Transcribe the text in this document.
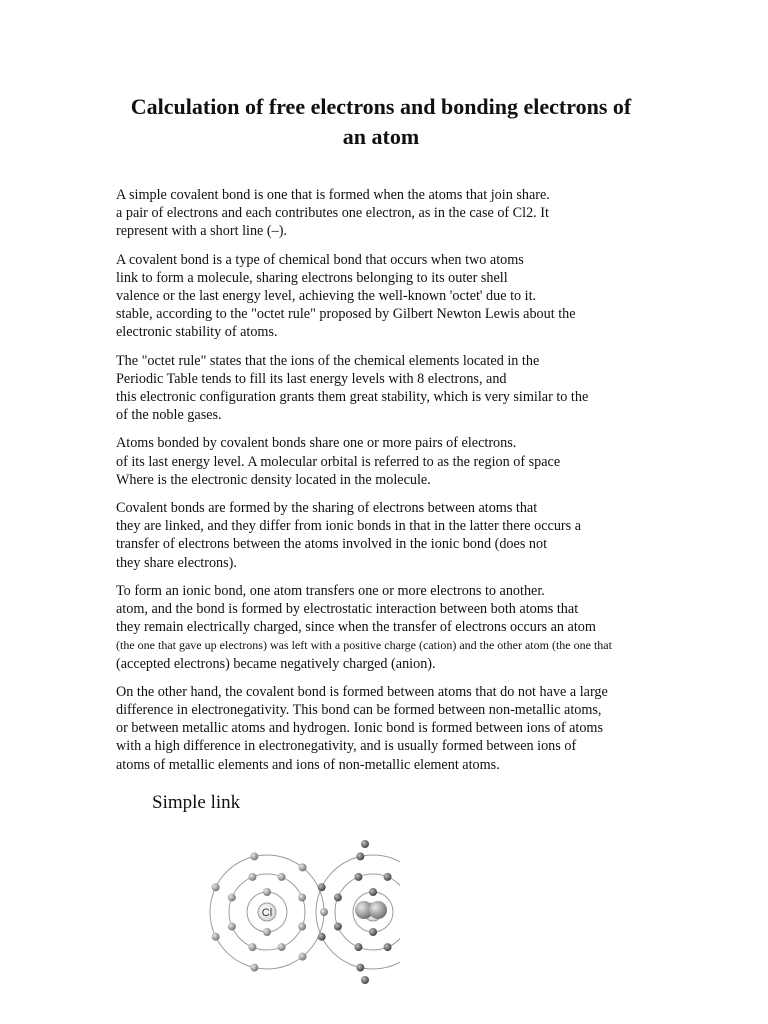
Calculation of free electrons and bonding electrons of
an atom

A simple covalent bond is one that is formed when the atoms that join share.
a pair of electrons and each contributes one electron, as in the case of Cl2. It
represent with a short line (–).

A covalent bond is a type of chemical bond that occurs when two atoms
link to form a molecule, sharing electrons belonging to its outer shell
valence or the last energy level, achieving the well-known 'octet' due to it.
stable, according to the "octet rule" proposed by Gilbert Newton Lewis about the
electronic stability of atoms.

The "octet rule" states that the ions of the chemical elements located in the
Periodic Table tends to fill its last energy levels with 8 electrons, and
this electronic configuration grants them great stability, which is very similar to the
of the noble gases.

Atoms bonded by covalent bonds share one or more pairs of electrons.
of its last energy level. A molecular orbital is referred to as the region of space
Where is the electronic density located in the molecule.

Covalent bonds are formed by the sharing of electrons between atoms that
they are linked, and they differ from ionic bonds in that in the latter there occurs a
transfer of electrons between the atoms involved in the ionic bond (does not
they share electrons).

To form an ionic bond, one atom transfers one or more electrons to another.
atom, and the bond is formed by electrostatic interaction between both atoms that
they remain electrically charged, since when the transfer of electrons occurs an atom
(the one that gave up electrons) was left with a positive charge (cation) and the other atom (the one that
(accepted electrons) became negatively charged (anion).

On the other hand, the covalent bond is formed between atoms that do not have a large
difference in electronegativity. This bond can be formed between non-metallic atoms,
or between metallic atoms and hydrogen. Ionic bond is formed between ions of atoms
with a high difference in electronegativity, and is usually formed between ions of
atoms of metallic elements and ions of non-metallic element atoms.

Simple link

Cl
